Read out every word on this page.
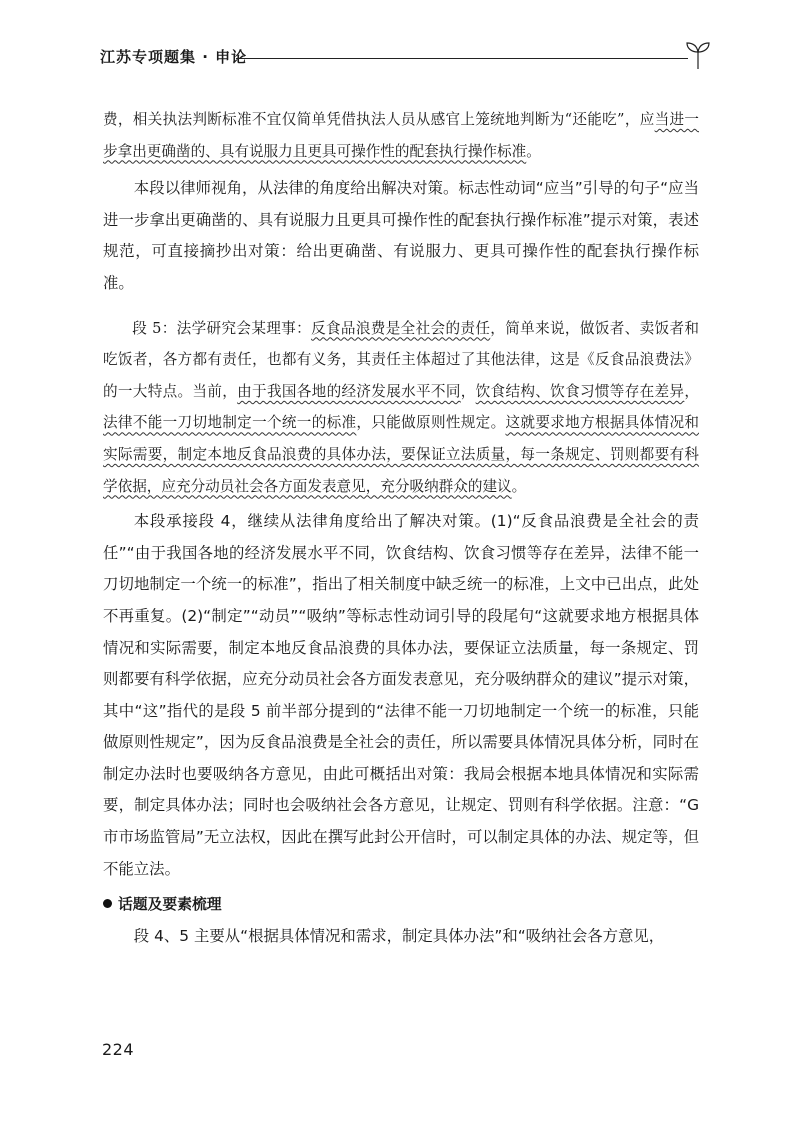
江苏专项题集 · 申论

费，相关执法判断标准不宜仅简单凭借执法人员从感官上笼统地判断为“还能吃”，应当进一步拿出更确凿的、具有说服力且更具可操作性的配套执行操作标准。

本段以律师视角，从法律的角度给出解决对策。标志性动词“应当”引导的句子“应当进一步拿出更确凿的、具有说服力且更具可操作性的配套执行操作标准”提示对策，表述规范，可直接摘抄出对策：给出更确凿、有说服力、更具可操作性的配套执行操作标准。

段 5：法学研究会某理事：反食品浪费是全社会的责任，简单来说，做饭者、卖饭者和吃饭者，各方都有责任，也都有义务，其责任主体超过了其他法律，这是《反食品浪费法》的一大特点。当前，由于我国各地的经济发展水平不同，饮食结构、饮食习惯等存在差异，法律不能一刀切地制定一个统一的标准，只能做原则性规定。这就要求地方根据具体情况和实际需要，制定本地反食品浪费的具体办法，要保证立法质量，每一条规定、罚则都要有科学依据，应充分动员社会各方面发表意见，充分吸纳群众的建议。

本段承接段 4，继续从法律角度给出了解决对策。(1)“反食品浪费是全社会的责任”“由于我国各地的经济发展水平不同，饮食结构、饮食习惯等存在差异，法律不能一刀切地制定一个统一的标准”，指出了相关制度中缺乏统一的标准，上文中已出点，此处不再重复。(2)“制定”“动员”“吸纳”等标志性动词引导的段尾句“这就要求地方根据具体情况和实际需要，制定本地反食品浪费的具体办法，要保证立法质量，每一条规定、罚则都要有科学依据，应充分动员社会各方面发表意见，充分吸纳群众的建议”提示对策，其中“这”指代的是段 5 前半部分提到的“法律不能一刀切地制定一个统一的标准，只能做原则性规定”，因为反食品浪费是全社会的责任，所以需要具体情况具体分析，同时在制定办法时也要吸纳各方意见，由此可概括出对策：我局会根据本地具体情况和实际需要，制定具体办法；同时也会吸纳社会各方意见，让规定、罚则有科学依据。注意：“G 市市场监管局”无立法权，因此在撰写此封公开信时，可以制定具体的办法、规定等，但不能立法。

话题及要素梳理

段 4、5 主要从“根据具体情况和需求，制定具体办法”和“吸纳社会各方意见，

224
